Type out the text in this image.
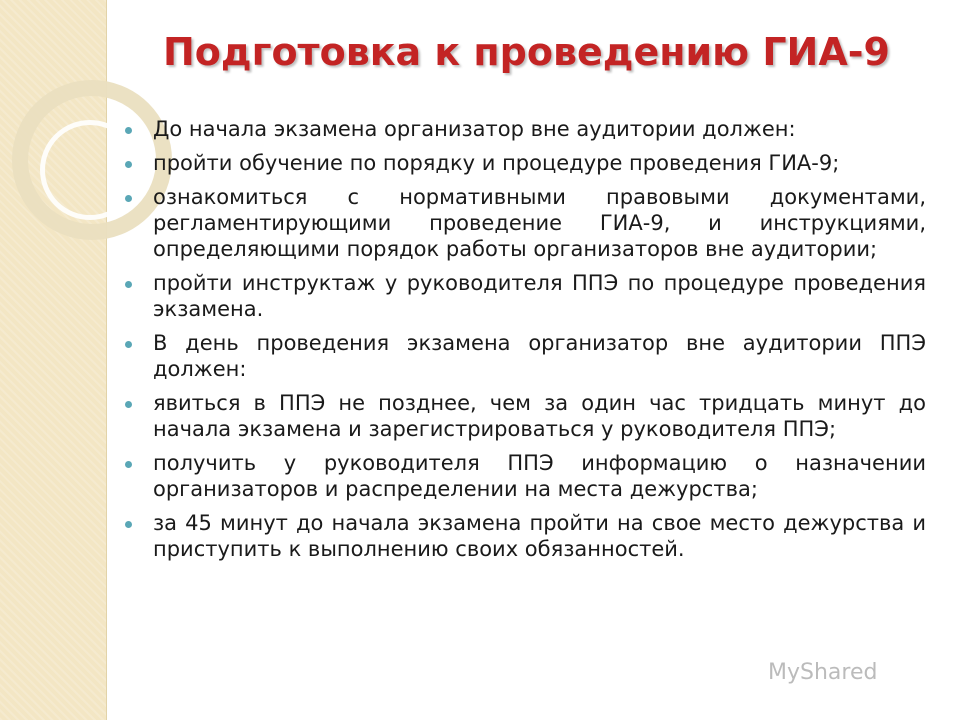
Подготовка к проведению ГИА-9
До начала экзамена организатор вне аудитории должен:
пройти обучение по порядку и процедуре проведения ГИА-9;
ознакомиться с нормативными правовыми документами, регламентирующими проведение ГИА-9, и инструкциями, определяющими порядок работы организаторов вне аудитории;
пройти инструктаж у руководителя ППЭ по процедуре проведения экзамена.
В день проведения экзамена организатор вне аудитории ППЭ должен:
явиться в ППЭ не позднее, чем за один час тридцать минут до начала экзамена и зарегистрироваться у руководителя ППЭ;
получить у руководителя ППЭ информацию о назначении организаторов и распределении на места дежурства;
за 45 минут до начала экзамена пройти на свое место дежурства и приступить к выполнению своих обязанностей.
MyShared
